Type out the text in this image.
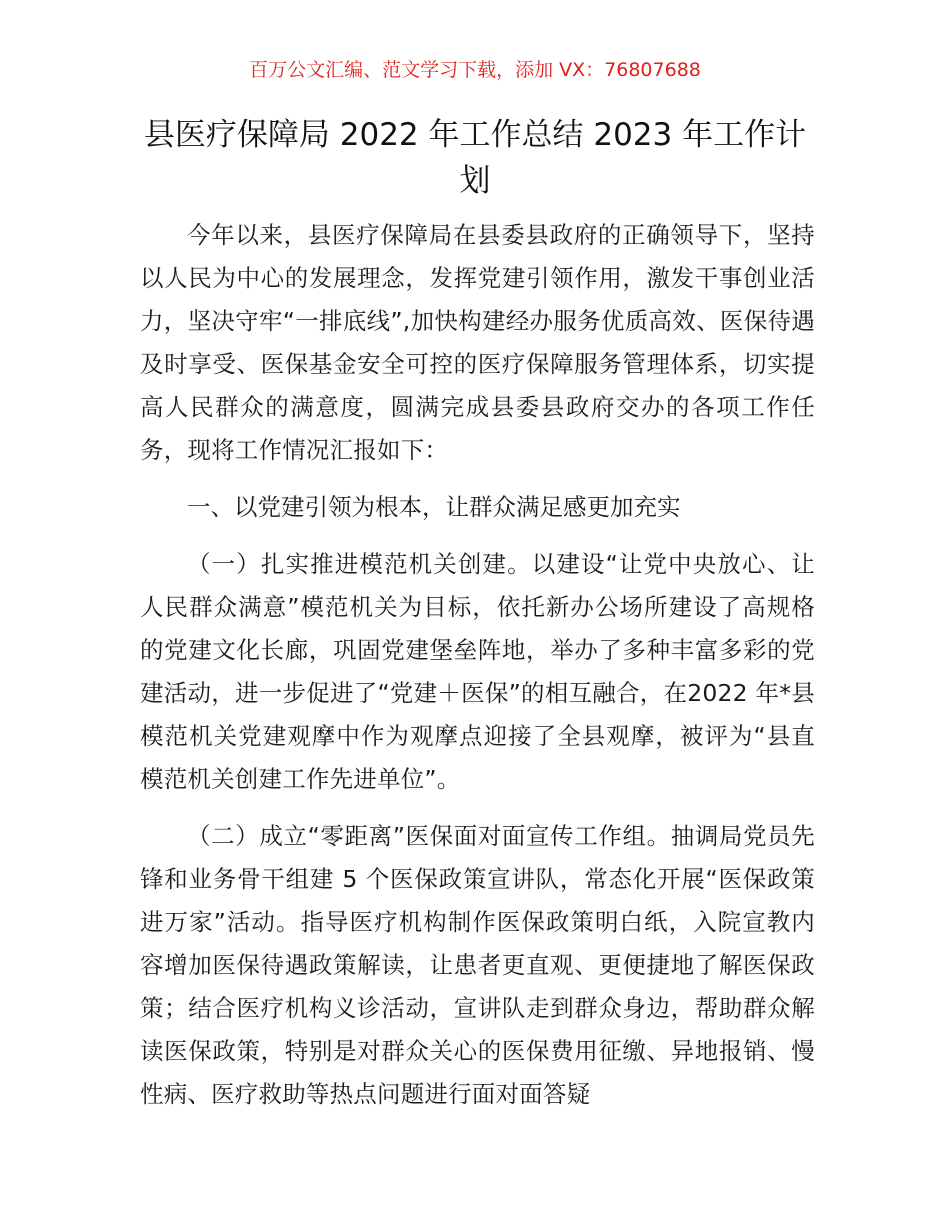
百万公文汇编、范文学习下载，添加 VX：76807688
县医疗保障局 2022 年工作总结 2023 年工作计划

今年以来，县医疗保障局在县委县政府的正确领导下，坚持以人民为中心的发展理念，发挥党建引领作用，激发干事创业活力，坚决守牢“一排底线”,加快构建经办服务优质高效、医保待遇及时享受、医保基金安全可控的医疗保障服务管理体系，切实提高人民群众的满意度，圆满完成县委县政府交办的各项工作任务，现将工作情况汇报如下：

一、以党建引领为根本，让群众满足感更加充实

（一）扎实推进模范机关创建。以建设“让党中央放心、让人民群众满意”模范机关为目标，依托新办公场所建设了高规格的党建文化长廊，巩固党建堡垒阵地，举办了多种丰富多彩的党建活动，进一步促进了“党建＋医保”的相互融合，在2022 年*县模范机关党建观摩中作为观摩点迎接了全县观摩，被评为“县直模范机关创建工作先进单位”。

（二）成立“零距离”医保面对面宣传工作组。抽调局党员先锋和业务骨干组建 5 个医保政策宣讲队，常态化开展“医保政策进万家”活动。指导医疗机构制作医保政策明白纸，入院宣教内容增加医保待遇政策解读，让患者更直观、更便捷地了解医保政策；结合医疗机构义诊活动，宣讲队走到群众身边，帮助群众解读医保政策，特别是对群众关心的医保费用征缴、异地报销、慢性病、医疗救助等热点问题进行面对面答疑
